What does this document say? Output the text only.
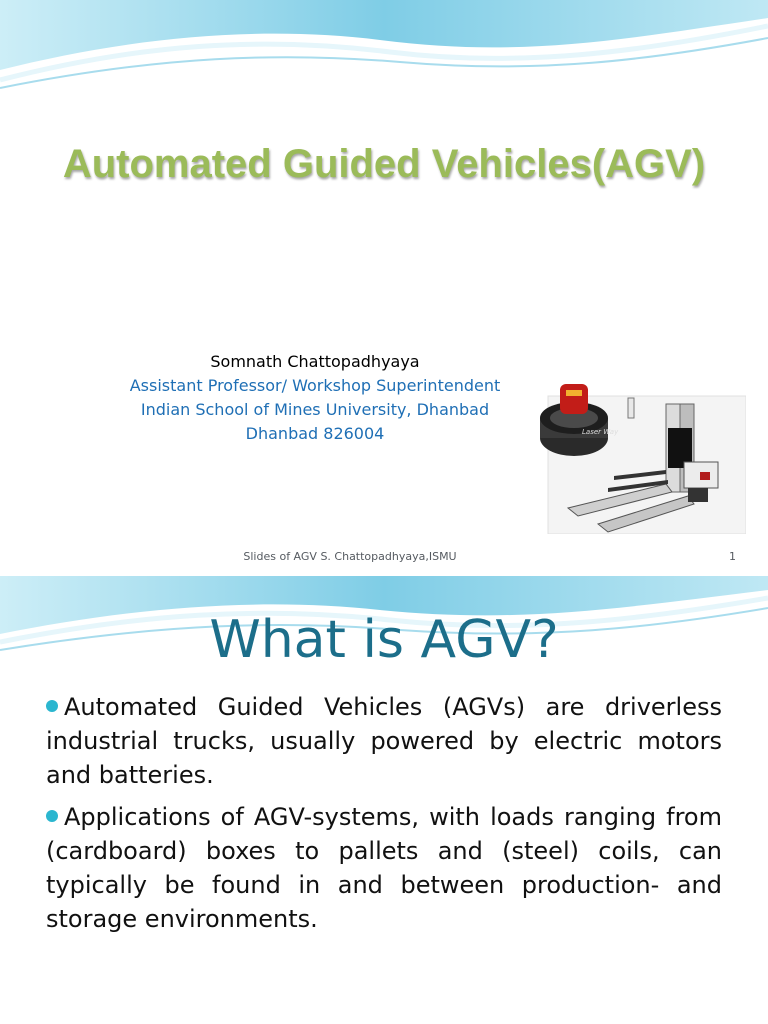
Automated Guided Vehicles(AGV)
Somnath Chattopadhyaya
Assistant Professor/ Workshop Superintendent
Indian School of Mines University, Dhanbad
Dhanbad 826004	Laser Way
Slides of AGV S. Chattopadhyaya,ISMU	1
What is AGV?
Automated Guided Vehicles (AGVs) are driverless industrial trucks, usually powered by electric motors and batteries.
Applications of AGV-systems, with loads ranging from (cardboard) boxes to pallets and (steel) coils, can typically be found in and between production- and storage environments.
